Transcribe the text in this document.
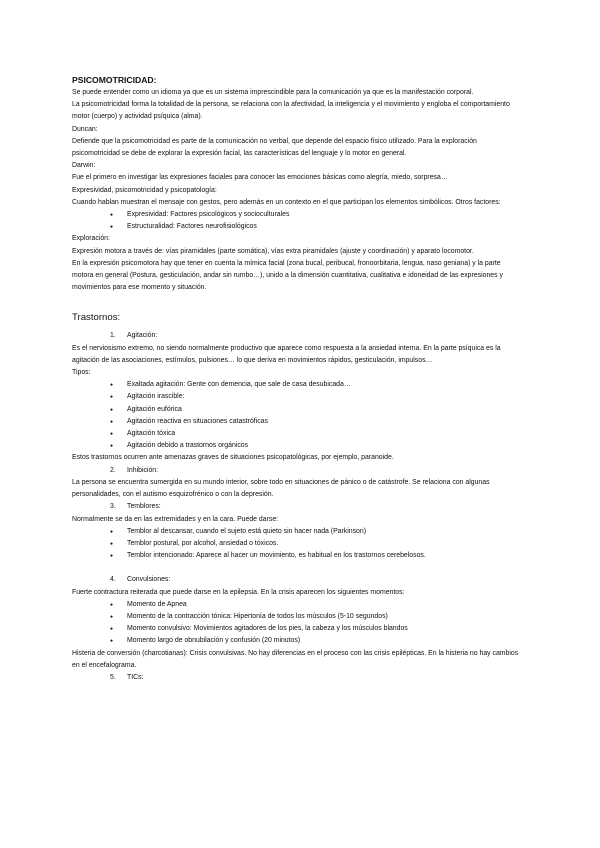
PSICOMOTRICIDAD:

Se puede entender como un idioma ya que es un sistema imprescindible para la comunicación ya que es la manifestación corporal.

La psicomotricidad forma la totalidad de la persona, se relaciona con la afectividad, la inteligencia y el movimiento y engloba el comportamiento motor (cuerpo) y actividad psíquica (alma).

Duncan:

Defiende que la psicomotricidad es parte de la comunicación no verbal, que depende del espacio físico utilizado. Para la exploración psicomotricidad se debe de explorar la expresión facial, las características del lenguaje y lo motor en general.

Darwin:

Fue el primero en investigar las expresiones faciales para conocer las emociones básicas como alegría, miedo, sorpresa…

Expresividad, psicomotricidad y psicopatología:

Cuando hablan muestran el mensaje con gestos, pero además en un contexto en el que participan los elementos simbólicos. Otros factores:

● Expresividad: Factores psicológicos y socioculturales
● Estructuralidad: Factores neurofisiológicos

Exploración:

Expresión motora a través de: vías piramidales (parte somática), vías extra piramidales (ajuste y coordinación) y aparato locomotor.

En la expresión psicomotora hay que tener en cuenta la mímica facial (zona bucal, peribucal, fronoorbitaria, lengua, naso geniana) y la parte motora en general (Postura, gesticulación, andar sin rumbo…), unido a la dimensión cuantitativa, cualitativa e idoneidad de las expresiones y movimientos para ese momento y situación.

Trastornos:
1. Agitación:

Es el nerviosismo extremo, no siendo normalmente productivo que aparece como respuesta a la ansiedad interna. En la parte psíquica es la agitación de las asociaciones, estímulos, pulsiones… lo que deriva en movimientos rápidos, gesticulación, impulsos…

Tipos:

● Exaltada agitación: Gente con demencia, que sale de casa desubicada…
● Agitación irascible:
● Agitación eufórica
● Agitación reactiva en situaciones catastróficas
● Agitación tóxica
● Agitación debido a trastornos orgánicos

Estos trastornos ocurren ante amenazas graves de situaciones psicopatológicas, por ejemplo, paranoide.

2. Inhibición:

La persona se encuentra sumergida en su mundo interior, sobre todo en situaciones de pánico o de catástrofe. Se relaciona con algunas personalidades, con el autismo esquizofrénico o con la depresión.

3. Temblores:

Normalmente se da en las extremidades y en la cara. Puede darse:

● Temblor al descansar, cuando el sujeto está quieto sin hacer nada (Parkinson)
● Temblor postural, por alcohol, ansiedad o tóxicos.
● Temblor intencionado: Aparece al hacer un movimiento, es habitual en los trastornos cerebelosos.
4. Convulsiones:

Fuerte contractura reiterada que puede darse en la epilepsia. En la crisis aparecen los siguientes momentos:

● Momento de Apnea
● Momento de la contracción tónica: Hipertonía de todos los músculos (5-10 segundos)
● Momento convulsivo: Movimientos agitadores de los pies, la cabeza y los músculos blandos
● Momento largo de obnubilación y confusión (20 minutos)

Histeria de conversión (charcotianas): Crisis convulsivas. No hay diferencias en el proceso con las crisis epilépticas. En la histeria no hay cambios en el encefalograma.

5. TICs:
